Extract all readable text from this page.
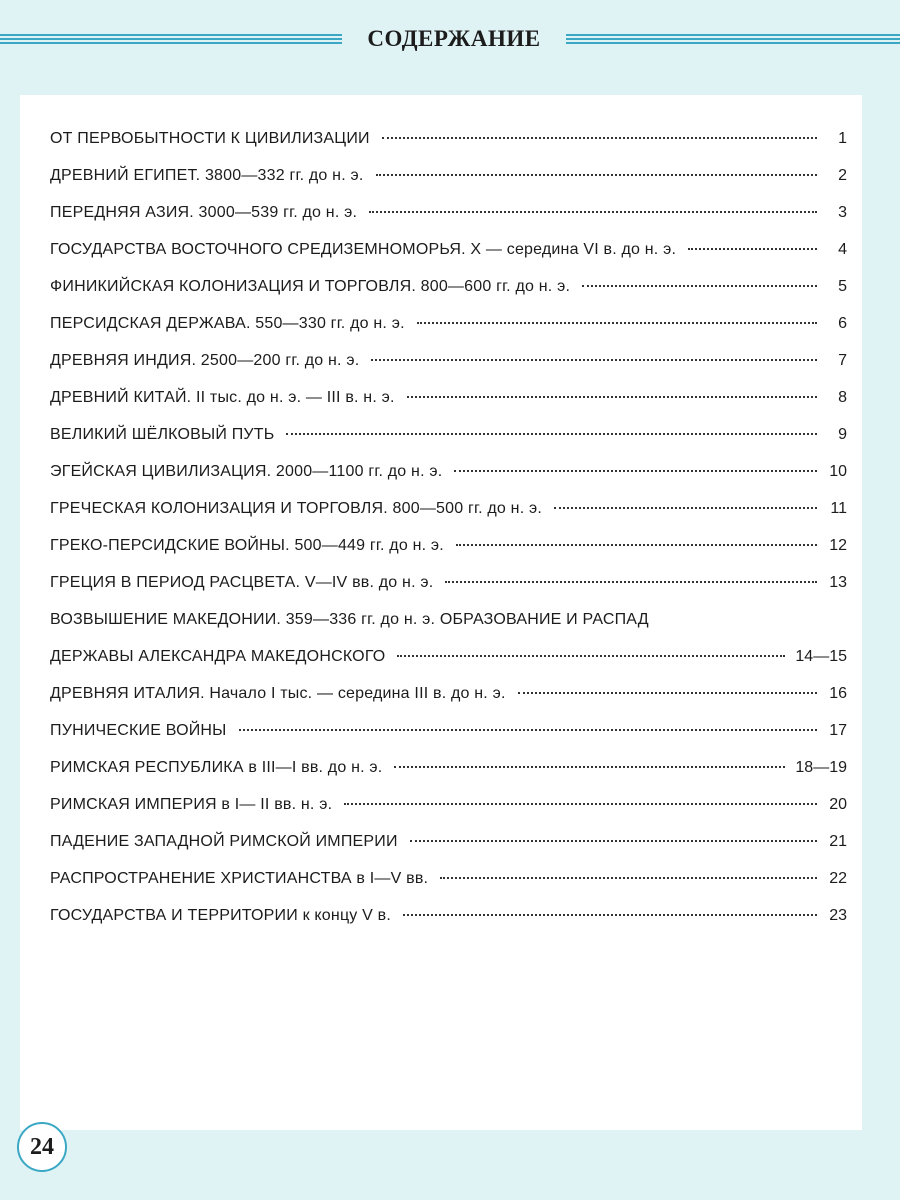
СОДЕРЖАНИЕ
ОТ ПЕРВОБЫТНОСТИ К ЦИВИЛИЗАЦИИ	1
ДРЕВНИЙ ЕГИПЕТ. 3800—332 гг. до н. э.	2
ПЕРЕДНЯЯ АЗИЯ. 3000—539 гг. до н. э.	3
ГОСУДАРСТВА ВОСТОЧНОГО СРЕДИЗЕМНОМОРЬЯ. X — середина VI в. до н. э.	4
ФИНИКИЙСКАЯ КОЛОНИЗАЦИЯ И ТОРГОВЛЯ. 800—600 гг. до н. э.	5
ПЕРСИДСКАЯ ДЕРЖАВА. 550—330 гг. до н. э.	6
ДРЕВНЯЯ ИНДИЯ. 2500—200 гг. до н. э.	7
ДРЕВНИЙ КИТАЙ. II тыс. до н. э. — III в. н. э.	8
ВЕЛИКИЙ ШЁЛКОВЫЙ ПУТЬ	9
ЭГЕЙСКАЯ ЦИВИЛИЗАЦИЯ. 2000—1100 гг. до н. э.	10
ГРЕЧЕСКАЯ КОЛОНИЗАЦИЯ И ТОРГОВЛЯ. 800—500 гг. до н. э.	11
ГРЕКО-ПЕРСИДСКИЕ ВОЙНЫ. 500—449 гг. до н. э.	12
ГРЕЦИЯ В ПЕРИОД РАСЦВЕТА. V—IV вв. до н. э.	13
ВОЗВЫШЕНИЕ МАКЕДОНИИ. 359—336 гг. до н. э. ОБРАЗОВАНИЕ И РАСПАД
ДЕРЖАВЫ АЛЕКСАНДРА МАКЕДОНСКОГО	14—15
ДРЕВНЯЯ ИТАЛИЯ. Начало I тыс. — середина III в. до н. э.	16
ПУНИЧЕСКИЕ ВОЙНЫ	17
РИМСКАЯ РЕСПУБЛИКА в III—I вв. до н. э.	18—19
РИМСКАЯ ИМПЕРИЯ в I— II вв. н. э.	20
ПАДЕНИЕ ЗАПАДНОЙ РИМСКОЙ ИМПЕРИИ	21
РАСПРОСТРАНЕНИЕ ХРИСТИАНСТВА в I—V вв.	22
ГОСУДАРСТВА И ТЕРРИТОРИИ к концу V в.	23
24
